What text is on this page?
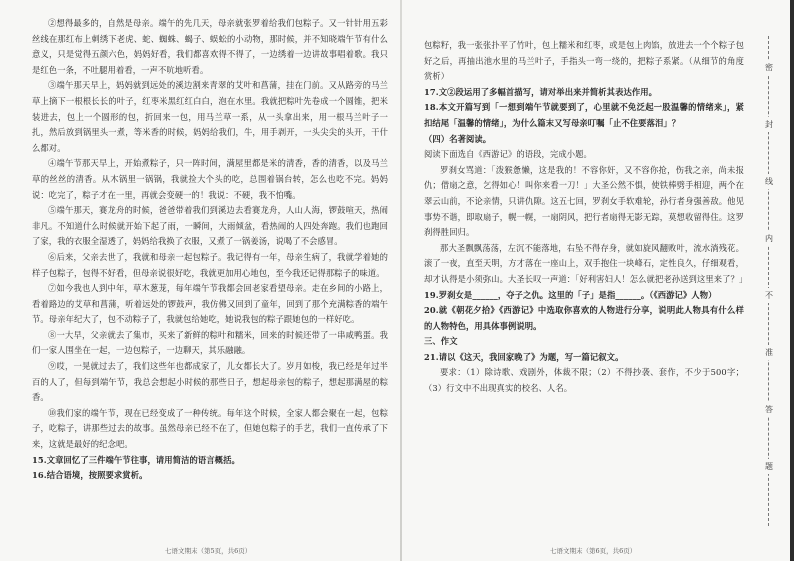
②想得最多的，自然是母亲。端午的先几天，母亲就张罗着给我们包粽子。又一针针用五彩丝线在那红布上刺绣下老虎、蛇、蜘蛛、蝎子、蜈蚣的小动物，那时候，并不知晓端午节有什么意义，只是觉得五颜六色，妈妈好看，我们都喜欢得不得了，一边绣着一边讲故事唱着歌。我只是红色一条，不吐腿用着看，一声不吭地听看。

③端午那天早上，妈妈就到远处的溪边割来青翠的艾叶和菖蒲，挂在门前。又从路旁的马兰草上摘下一根根长长的叶子，红枣米黑红红白白，泡在水里。我就把粽叶先卷成一个圆锥，把米装进去，包上一个圆形的包，折回来一包，用马兰草一系，从一头拿出来，用一根马兰叶子一扎，然后放到锅里头一煮，等米香的时候，妈妈给我们，牛，用手剥开，一头尖尖的头开，干什么都对。

④端午节那天早上，开始煮粽子，只一阵时间，满屋里都是米的清香，香的清香，以及马兰草的丝丝的清香。从木锅里一锅锅，我就捡大个头的吃，总围着锅台转，怎么也吃不完。妈妈说：吃完了，粽子才在一里，再就会变硬一的！我说：不硬，我不怕嘴。

⑤端午那天，赛龙舟的时候，爸爸带着我们到溪边去看赛龙舟，人山人海，锣鼓喧天，热闹非凡。不知道什么时候就开始下起了雨，一瞬间，大雨倾盆，看热闹的人四处奔跑。我们也跑回了家，我的衣服全湿透了，妈妈给我换了衣服，又煮了一锅姜汤，说喝了不会感冒。

⑥后来，父亲去世了，我就和母亲一起包粽子。我记得有一年，母亲生病了，我就学着她的样子包粽子，包得不好看，但母亲说很好吃，我就更加用心地包，至今我还记得那粽子的味道。

⑦如今我也人到中年，草木葱茏，每年端午节我都会回老家看望母亲。走在乡间的小路上，看着路边的艾草和菖蒲，听着远处的锣鼓声，我仿佛又回到了童年，回到了那个充满粽香的端午节。母亲年纪大了，包不动粽子了，我就包给她吃，她说我包的粽子跟她包的一样好吃。

⑧一大早，父亲就去了集市，买来了新鲜的粽叶和糯米，回来的时候还带了一串咸鸭蛋。我们一家人围坐在一起，一边包粽子，一边聊天，其乐融融。

⑨哎，一晃就过去了，我们这些年也都成家了，儿女都长大了。岁月如梭，我已经是年过半百的人了，但每到端午节，我总会想起小时候的那些日子，想起母亲包的粽子，想起那满屋的粽香。

⑩我们家的端午节，现在已经变成了一种传统。每年这个时候，全家人都会聚在一起，包粽子，吃粽子，讲那些过去的故事。虽然母亲已经不在了，但她包粽子的手艺，我们一直传承了下来，这就是最好的纪念吧。

15.文章回忆了三件端午节往事，请用简洁的语言概括。

16.结合语境，按照要求赏析。

七语文期末（第5页，共6页）

包粽籽，我一张张扑平了竹叶，包上糯米和红枣，或是包上肉馅，放进去一个个粽子包好之后，再抽出池水里的马兰叶子，手指头一弯一绕的，把粽子系紧。（从细节的角度赏析）

17.文②段运用了多幅首描写，请对举出来并简析其表达作用。

18.本文开篇写到「一想到端午节就要到了，心里就不免泛起一股温馨的情绪来」，紧扣结尾「温馨的情绪」，为什么篇末又写母亲叮嘱「止不住要落泪」？

（四）名著阅读。

阅读下面选自《西游记》的语段，完成小题。

罗刹女骂道：「泼猴惫懒，这是我的！不容你奸，又不容你抢，伤我之亲，尚未报仇；借扇之意，乞得如心！叫你来看一刀！」大圣公然不惧，使铁棒劈手相迎，两个在翠云山前，不论亲情，只讲仇隙。这五七回，罗刹女手软难轮，孙行者身强善敌。他见事势不谐，即取扇子，幌一幌，一扇阴风，把行者扇得无影无踪，莫想收留得住。这罗刹得胜回归。

那大圣飘飘荡荡，左沉不能落地，右坠不得存身，就如旋风翻败叶，流水淌残花。滚了一夜，直至天明，方才落在一座山上，双手抱住一块峰石，定性良久，仔细观看，却才认得是小须弥山。大圣长叹一声道：「好利害妇人！怎么就把老孙送到这里来了？」

19.罗刹女是______，夺子之仇。这里的「子」是指______。（《西游记》人物）

20.就《朝花夕拾》《西游记》中选取你喜欢的人物进行分享，说明此人物具有什么样的人物特色，用具体事例说明。

三、作文

21.请以《这天，我回家晚了》为题，写一篇记叙文。

要求：（1）除诗歌、戏剧外，体裁不限；（2）不得抄袭、套作，不少于500字；（3）行文中不出现真实的校名、人名。

七语文期末（第6页，共6页）
密
封
线
内
不
准
答
题
